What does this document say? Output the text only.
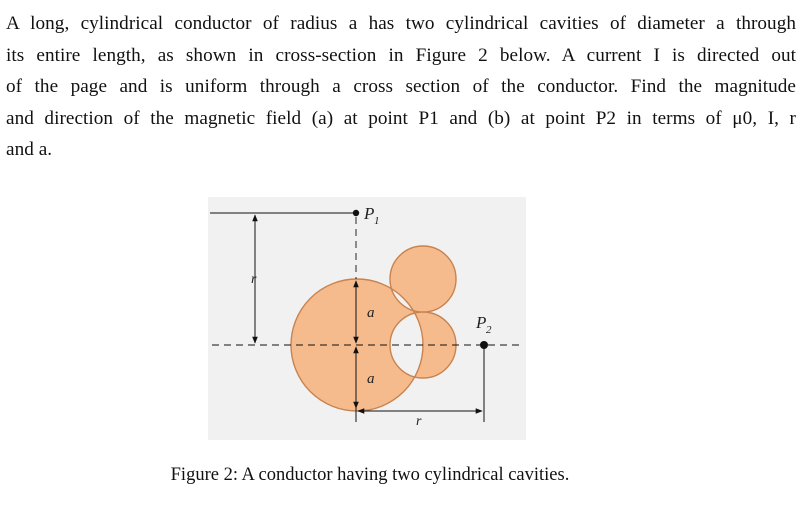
A long, cylindrical conductor of radius a has two cylindrical cavities of diameter a through
its entire length, as shown in cross-section in Figure 2 below. A current I is directed out
of the page and is uniform through a cross section of the conductor. Find the magnitude
and direction of the magnetic field (a) at point P1 and (b) at point P2 in terms of μ0, I, r
and a.
P 1
P 2
r
r
a
a

Figure 2: A conductor having two cylindrical cavities.
